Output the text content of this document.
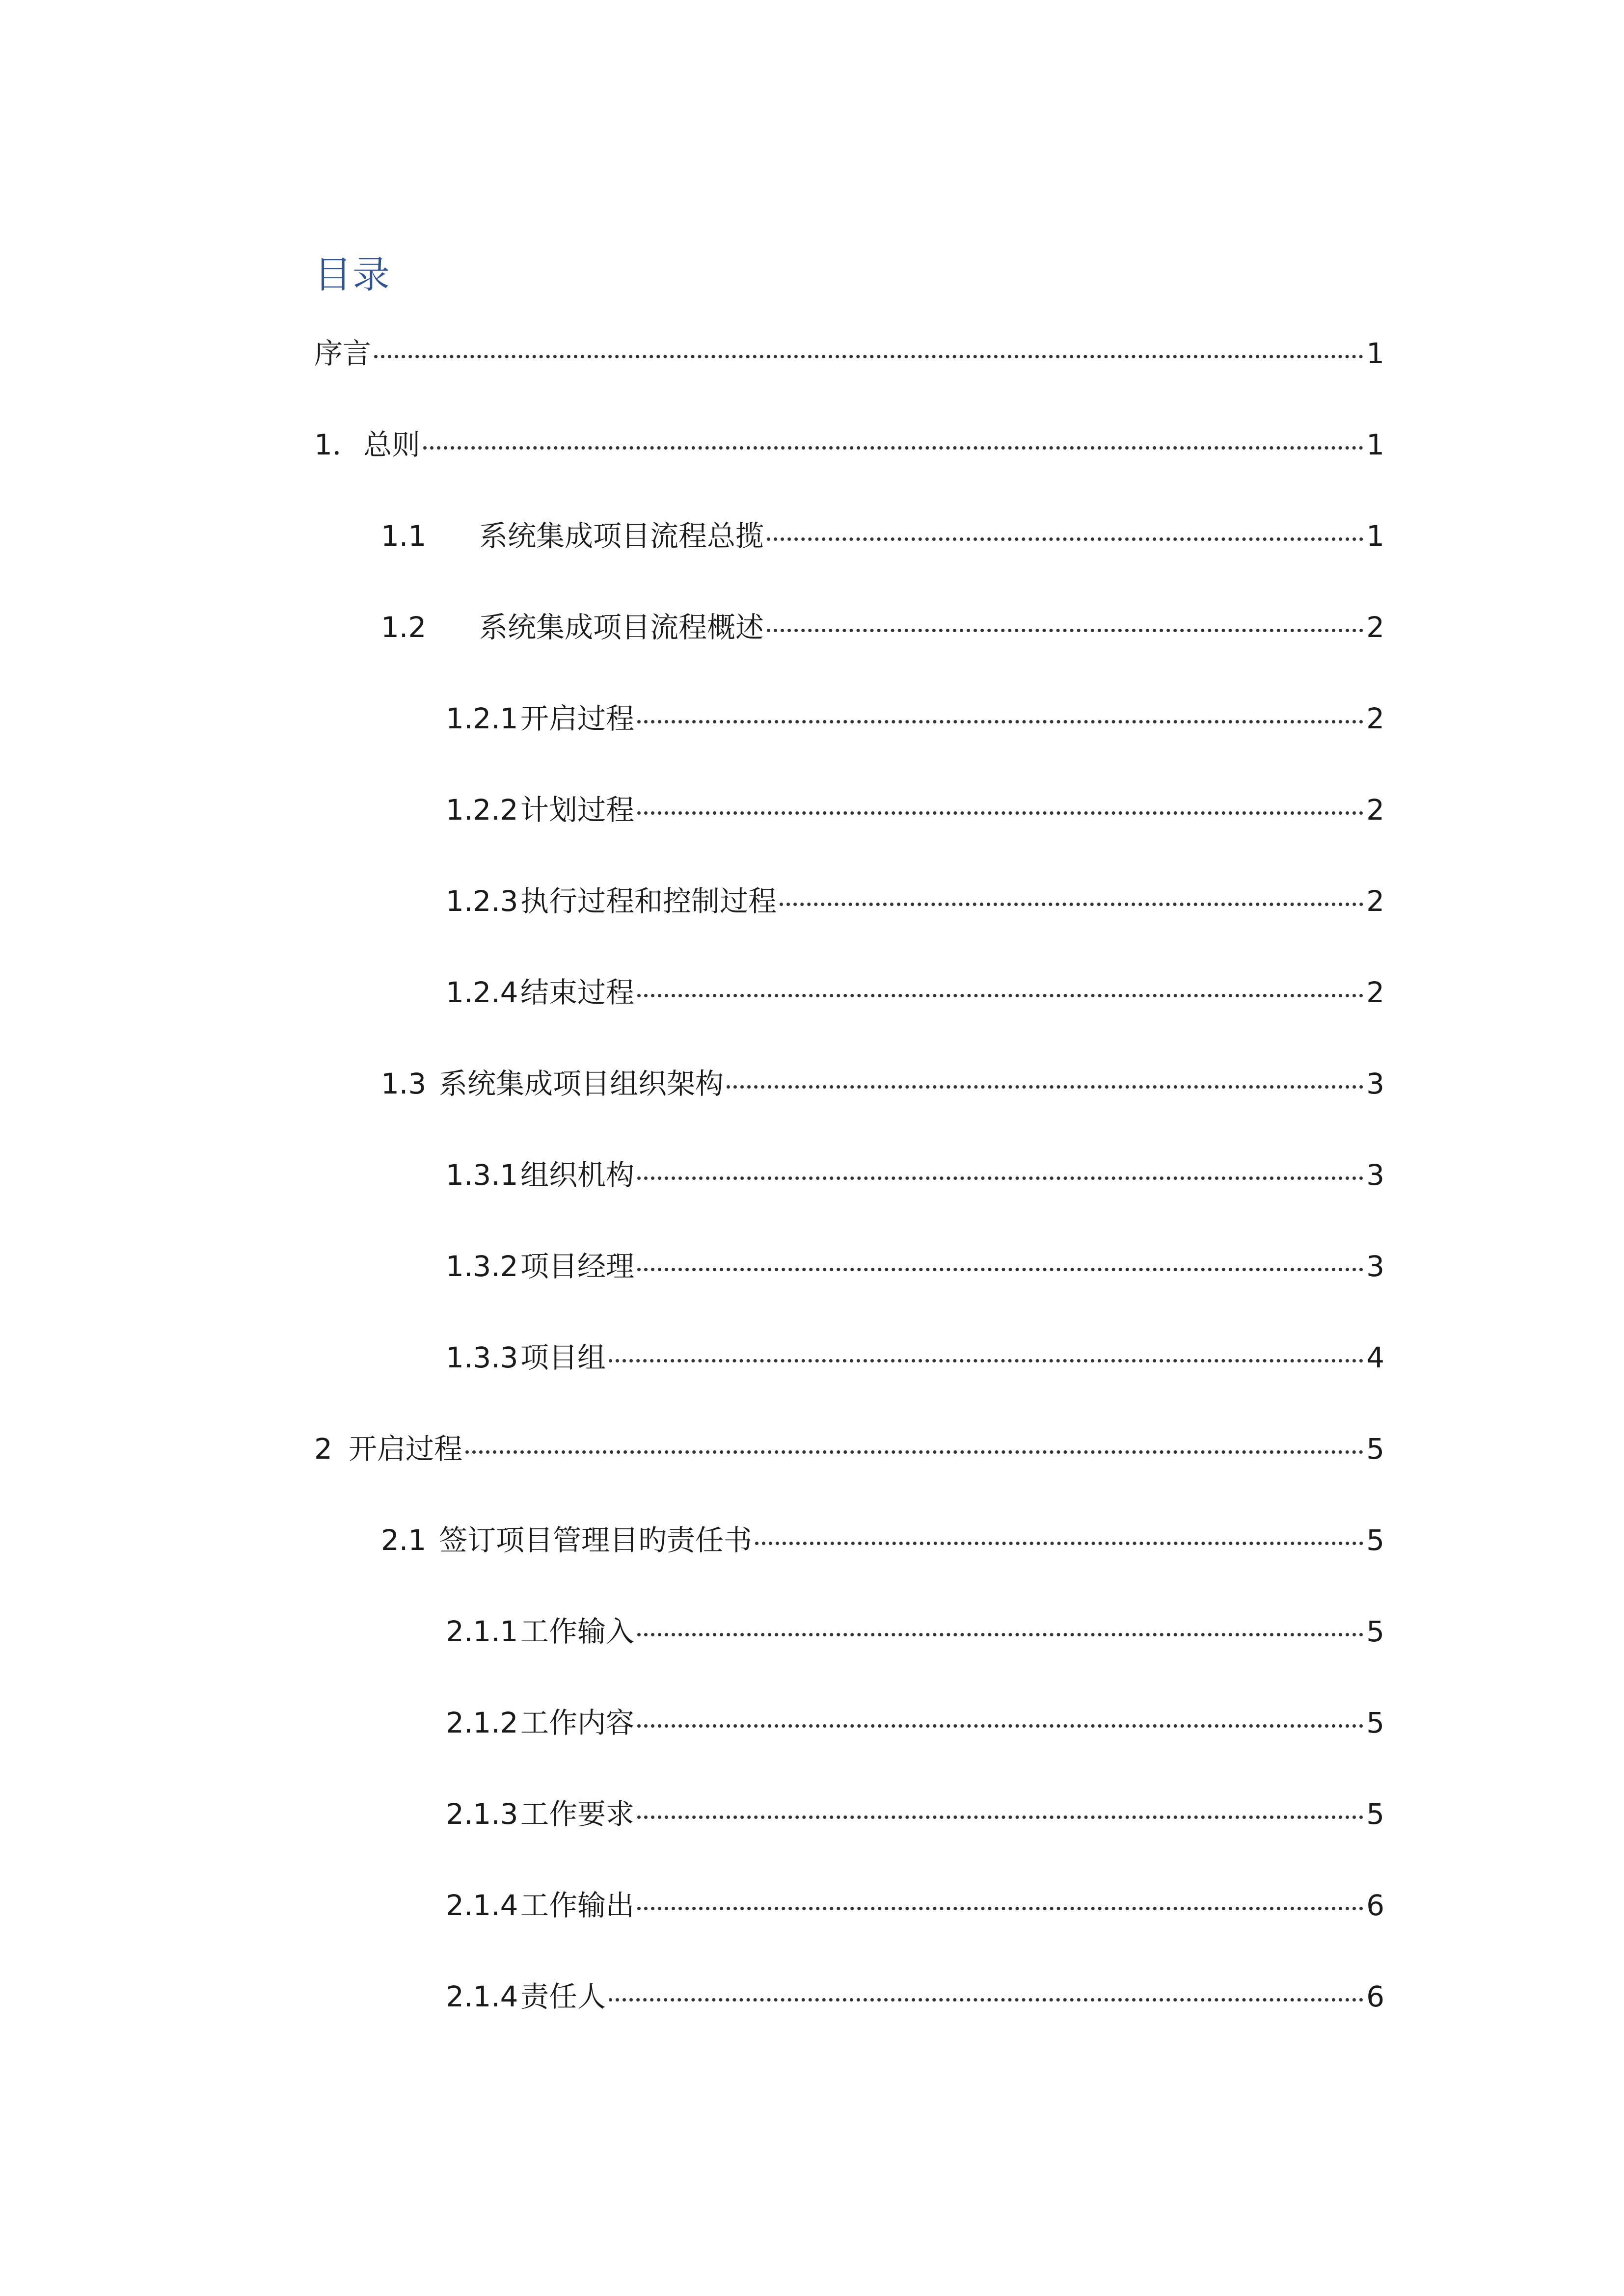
目录
序言	1
1． 总则	1
1.1	系统集成项目流程总揽	1
1.2	系统集成项目流程概述	2
1.2.1 开启过程	2
1.2.2 计划过程	2
1.2.3 执行过程和控制过程	2
1.2.4 结束过程	2
1.3 系统集成项目组织架构	3
1.3.1 组织机构	3
1.3.2 项目经理	3
1.3.3 项目组	4
2 开启过程	5
2.1 签订项目管理目旳责任书	5
2.1.1 工作输入	5
2.1.2 工作内容	5
2.1.3 工作要求	5
2.1.4 工作输出	6
2.1.4 责任人	6
